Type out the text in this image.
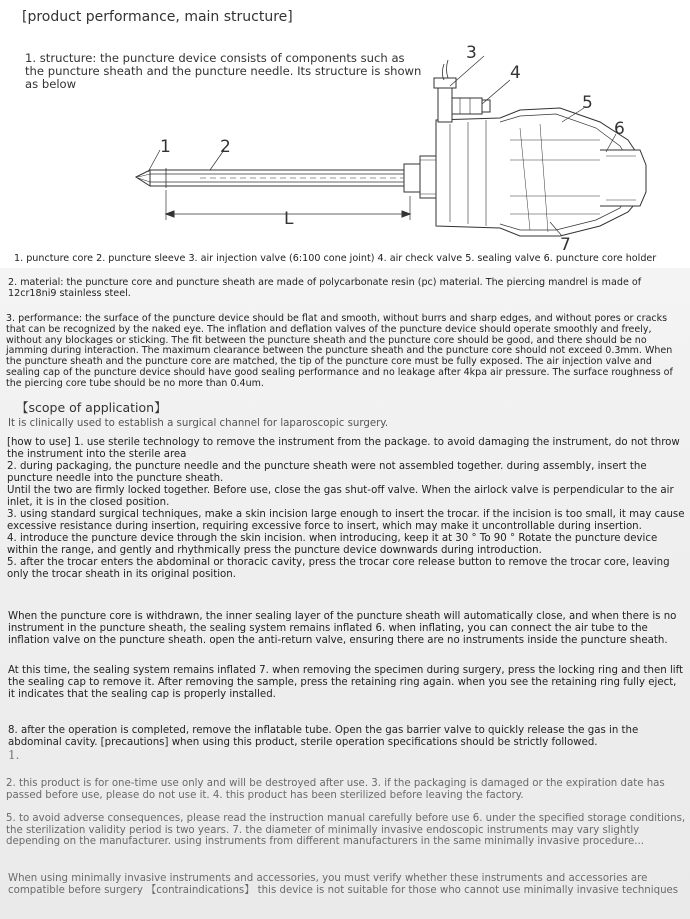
[product performance, main structure]

1. structure: the puncture device consists of components such as the puncture sheath and the puncture needle. Its structure is shown as below

1	2
3
4
5
6
7
L

1. puncture core 2. puncture sleeve 3. air injection valve (6:100 cone joint) 4. air check valve 5. sealing valve 6. puncture core holder

2. material: the puncture core and puncture sheath are made of polycarbonate resin (pc) material. The piercing mandrel is made of 12cr18ni9 stainless steel.

3. performance: the surface of the puncture device should be flat and smooth, without burrs and sharp edges, and without pores or cracks that can be recognized by the naked eye. The inflation and deflation valves of the puncture device should operate smoothly and freely, without any blockages or sticking. The fit between the puncture sheath and the puncture core should be good, and there should be no jamming during interaction. The maximum clearance between the puncture sheath and the puncture core should not exceed 0.3mm. When the puncture sheath and the puncture core are matched, the tip of the puncture core must be fully exposed. The air injection valve and sealing cap of the puncture device should have good sealing performance and no leakage after 4kpa air pressure. The surface roughness of the piercing core tube should be no more than 0.4um.

【scope of application】

It is clinically used to establish a surgical channel for laparoscopic surgery.

[how to use] 1. use sterile technology to remove the instrument from the package. to avoid damaging the instrument, do not throw the instrument into the sterile area
2. during packaging, the puncture needle and the puncture sheath were not assembled together. during assembly, insert the puncture needle into the puncture sheath.
Until the two are firmly locked together. Before use, close the gas shut-off valve. When the airlock valve is perpendicular to the air inlet, it is in the closed position.
3. using standard surgical techniques, make a skin incision large enough to insert the trocar. if the incision is too small, it may cause excessive resistance during insertion, requiring excessive force to insert, which may make it uncontrollable during insertion.
4. introduce the puncture device through the skin incision. when introducing, keep it at 30 ° To 90 ° Rotate the puncture device within the range, and gently and rhythmically press the puncture device downwards during introduction.
5. after the trocar enters the abdominal or thoracic cavity, press the trocar core release button to remove the trocar core, leaving only the trocar sheath in its original position.

When the puncture core is withdrawn, the inner sealing layer of the puncture sheath will automatically close, and when there is no instrument in the puncture sheath, the sealing system remains inflated 6. when inflating, you can connect the air tube to the inflation valve on the puncture sheath. open the anti-return valve, ensuring there are no instruments inside the puncture sheath.

At this time, the sealing system remains inflated 7. when removing the specimen during surgery, press the locking ring and then lift the sealing cap to remove it. After removing the sample, press the retaining ring again. when you see the retaining ring fully eject, it indicates that the sealing cap is properly installed.

8. after the operation is completed, remove the inflatable tube. Open the gas barrier valve to quickly release the gas in the abdominal cavity. [precautions] when using this product, sterile operation specifications should be strictly followed.

1.

2. this product is for one-time use only and will be destroyed after use. 3. if the packaging is damaged or the expiration date has passed before use, please do not use it. 4. this product has been sterilized before leaving the factory.

5. to avoid adverse consequences, please read the instruction manual carefully before use 6. under the specified storage conditions, the sterilization validity period is two years. 7. the diameter of minimally invasive endoscopic instruments may vary slightly depending on the manufacturer. using instruments from different manufacturers in the same minimally invasive procedure...

When using minimally invasive instruments and accessories, you must verify whether these instruments and accessories are compatible before surgery 【contraindications】 this device is not suitable for those who cannot use minimally invasive techniques
